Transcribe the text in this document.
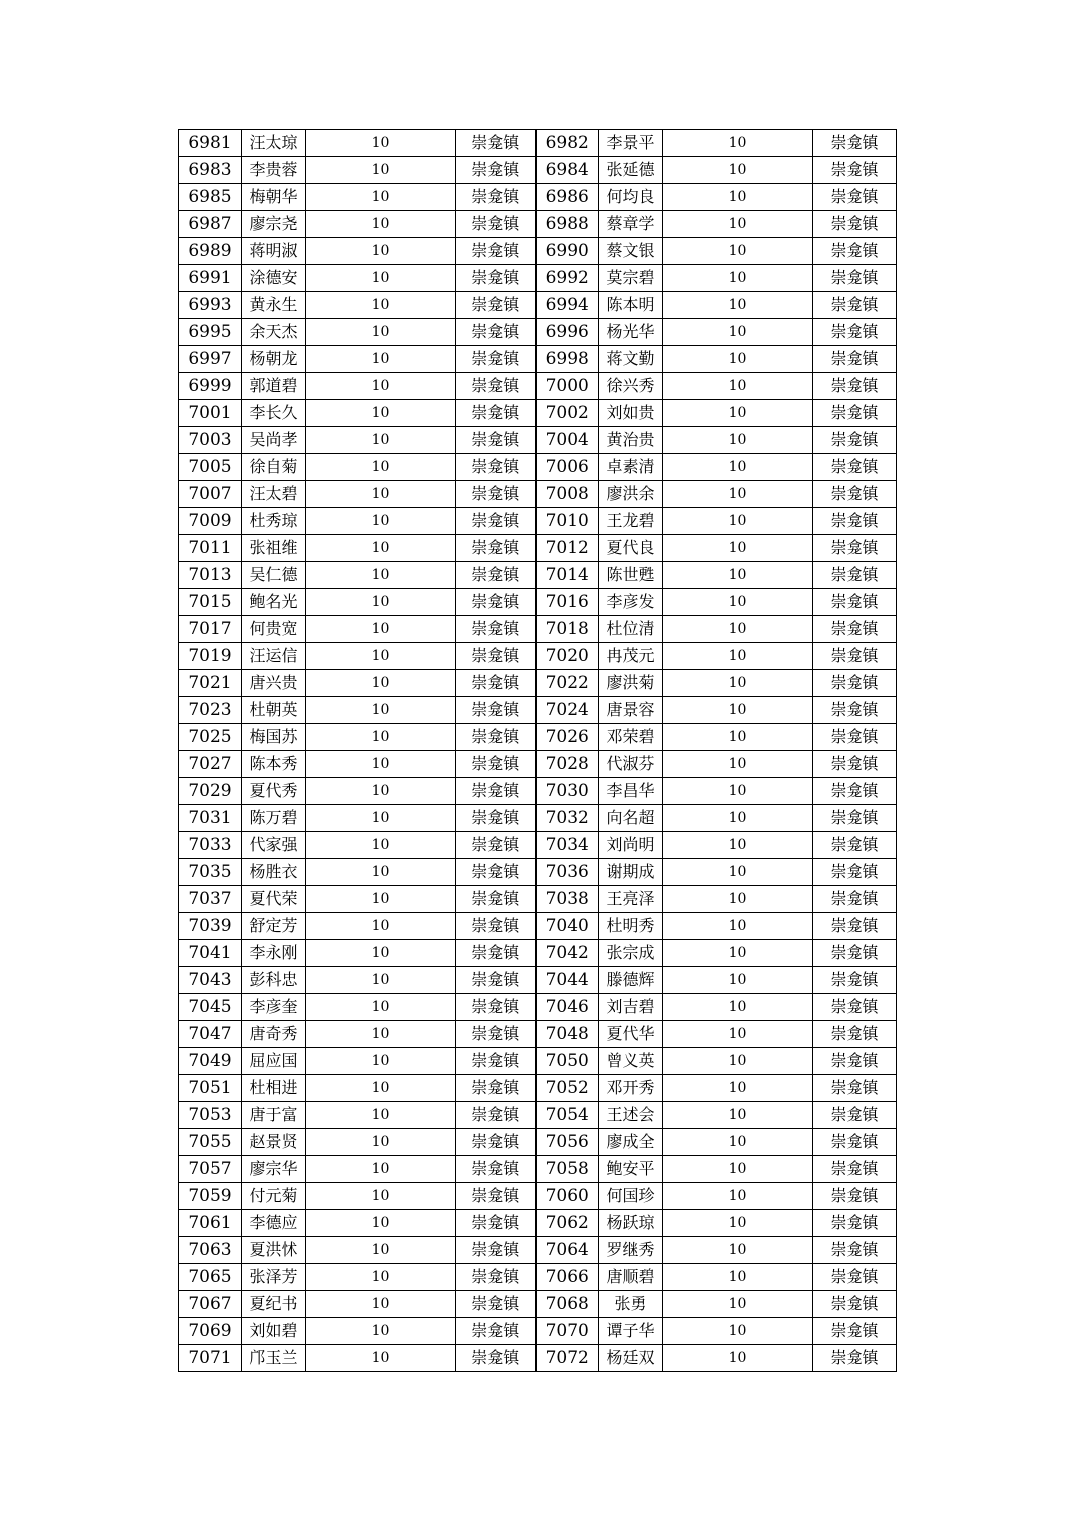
6981	汪太琼	10	崇龛镇	6982	李景平	10	崇龛镇
6983	李贵蓉	10	崇龛镇	6984	张延德	10	崇龛镇
6985	梅朝华	10	崇龛镇	6986	何均良	10	崇龛镇
6987	廖宗尧	10	崇龛镇	6988	蔡章学	10	崇龛镇
6989	蒋明淑	10	崇龛镇	6990	蔡文银	10	崇龛镇
6991	涂德安	10	崇龛镇	6992	莫宗碧	10	崇龛镇
6993	黄永生	10	崇龛镇	6994	陈本明	10	崇龛镇
6995	余天杰	10	崇龛镇	6996	杨光华	10	崇龛镇
6997	杨朝龙	10	崇龛镇	6998	蒋文勤	10	崇龛镇
6999	郭道碧	10	崇龛镇	7000	徐兴秀	10	崇龛镇
7001	李长久	10	崇龛镇	7002	刘如贵	10	崇龛镇
7003	吴尚孝	10	崇龛镇	7004	黄治贵	10	崇龛镇
7005	徐自菊	10	崇龛镇	7006	卓素清	10	崇龛镇
7007	汪太碧	10	崇龛镇	7008	廖洪余	10	崇龛镇
7009	杜秀琼	10	崇龛镇	7010	王龙碧	10	崇龛镇
7011	张祖维	10	崇龛镇	7012	夏代良	10	崇龛镇
7013	吴仁德	10	崇龛镇	7014	陈世甦	10	崇龛镇
7015	鲍名光	10	崇龛镇	7016	李彦发	10	崇龛镇
7017	何贵宽	10	崇龛镇	7018	杜位清	10	崇龛镇
7019	汪运信	10	崇龛镇	7020	冉茂元	10	崇龛镇
7021	唐兴贵	10	崇龛镇	7022	廖洪菊	10	崇龛镇
7023	杜朝英	10	崇龛镇	7024	唐景容	10	崇龛镇
7025	梅国苏	10	崇龛镇	7026	邓荣碧	10	崇龛镇
7027	陈本秀	10	崇龛镇	7028	代淑芬	10	崇龛镇
7029	夏代秀	10	崇龛镇	7030	李昌华	10	崇龛镇
7031	陈万碧	10	崇龛镇	7032	向名超	10	崇龛镇
7033	代家强	10	崇龛镇	7034	刘尚明	10	崇龛镇
7035	杨胜衣	10	崇龛镇	7036	谢期成	10	崇龛镇
7037	夏代荣	10	崇龛镇	7038	王亮泽	10	崇龛镇
7039	舒定芳	10	崇龛镇	7040	杜明秀	10	崇龛镇
7041	李永刚	10	崇龛镇	7042	张宗成	10	崇龛镇
7043	彭科忠	10	崇龛镇	7044	滕德辉	10	崇龛镇
7045	李彦奎	10	崇龛镇	7046	刘吉碧	10	崇龛镇
7047	唐奇秀	10	崇龛镇	7048	夏代华	10	崇龛镇
7049	屈应国	10	崇龛镇	7050	曾义英	10	崇龛镇
7051	杜相进	10	崇龛镇	7052	邓开秀	10	崇龛镇
7053	唐于富	10	崇龛镇	7054	王述会	10	崇龛镇
7055	赵景贤	10	崇龛镇	7056	廖成全	10	崇龛镇
7057	廖宗华	10	崇龛镇	7058	鲍安平	10	崇龛镇
7059	付元菊	10	崇龛镇	7060	何国珍	10	崇龛镇
7061	李德应	10	崇龛镇	7062	杨跃琼	10	崇龛镇
7063	夏洪怵	10	崇龛镇	7064	罗继秀	10	崇龛镇
7065	张泽芳	10	崇龛镇	7066	唐顺碧	10	崇龛镇
7067	夏纪书	10	崇龛镇	7068	张勇	10	崇龛镇
7069	刘如碧	10	崇龛镇	7070	谭子华	10	崇龛镇
7071	邝玉兰	10	崇龛镇	7072	杨廷双	10	崇龛镇
